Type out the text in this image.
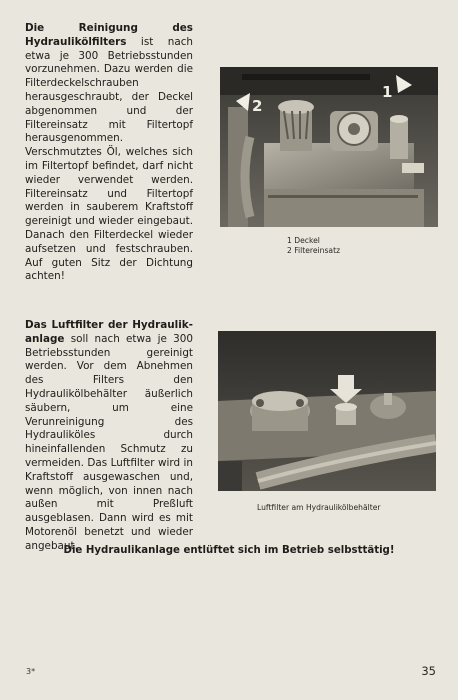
Die Reinigung des Hydraulikölfilters ist nach etwa je 300 Betriebsstunden vorzunehmen. Dazu werden die Filterdeckelschrauben herausgeschraubt, der Deckel abgenommen und der Filtereinsatz mit Filtertopf herausgenommen. Verschmutztes Öl, welches sich im Filtertopf befindet, darf nicht wieder verwendet werden. Filtereinsatz und Filtertopf werden in sauberem Kraftstoff gereinigt und wieder eingebaut. Danach den Filterdeckel wieder aufsetzen und festschrauben. Auf guten Sitz der Dichtung achten!

2
1
1 Deckel
2 Filtereinsatz

Das Luftfilter der Hydraulikanlage soll nach etwa je 300 Betriebsstunden gereinigt werden. Vor dem Abnehmen des Filters den Hydraulikölbehälter äußerlich säubern, um eine Verunreinigung des Hydrauliköles durch hineinfallenden Schmutz zu vermeiden. Das Luftfilter wird in Kraftstoff ausgewaschen und, wenn möglich, von innen nach außen mit Preßluft ausgeblasen. Dann wird es mit Motorenöl benetzt und wieder angebaut.

Luftfilter am Hydraulikölbehälter
Die Hydraulikanlage entlüftet sich im Betrieb selbsttätig!
3*	35
